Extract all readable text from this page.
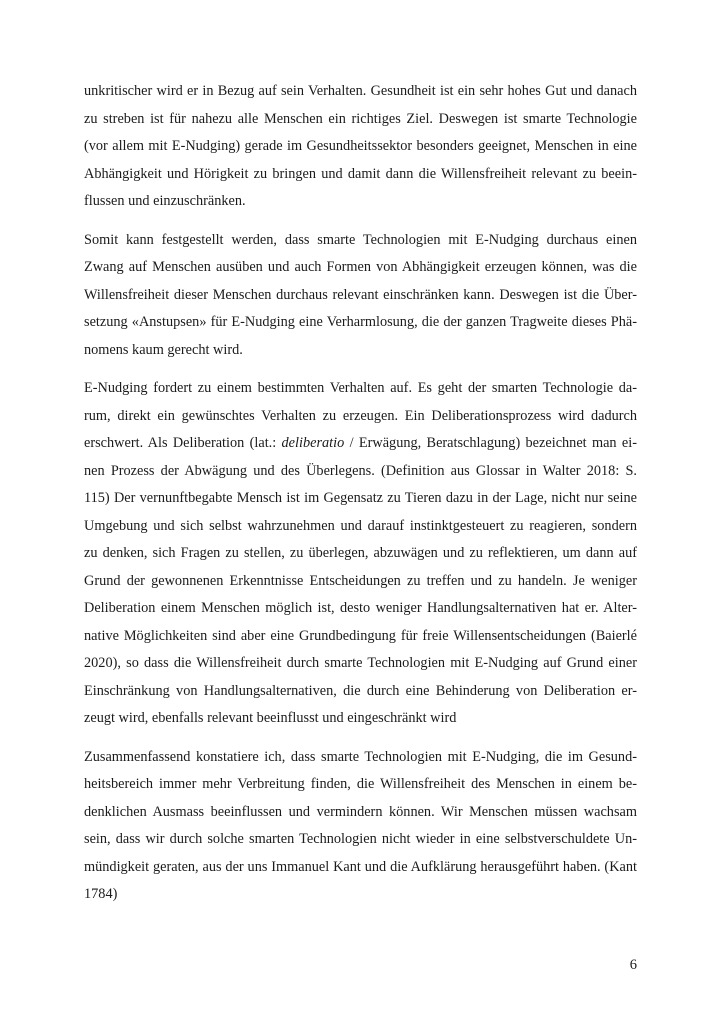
unkritischer wird er in Bezug auf sein Verhalten. Gesundheit ist ein sehr hohes Gut und danach
zu streben ist für nahezu alle Menschen ein richtiges Ziel. Deswegen ist smarte Technologie
(vor allem mit E-Nudging) gerade im Gesundheitssektor besonders geeignet, Menschen in eine
Abhängigkeit und Hörigkeit zu bringen und damit dann die Willensfreiheit relevant zu beein-
flussen und einzuschränken.
Somit kann festgestellt werden, dass smarte Technologien mit E-Nudging durchaus einen
Zwang auf Menschen ausüben und auch Formen von Abhängigkeit erzeugen können, was die
Willensfreiheit dieser Menschen durchaus relevant einschränken kann. Deswegen ist die Über-
setzung «Anstupsen» für E-Nudging eine Verharmlosung, die der ganzen Tragweite dieses Phä-
nomens kaum gerecht wird.
E-Nudging fordert zu einem bestimmten Verhalten auf. Es geht der smarten Technologie da-
rum, direkt ein gewünschtes Verhalten zu erzeugen. Ein Deliberationsprozess wird dadurch
erschwert. Als Deliberation (lat.: deliberatio / Erwägung, Beratschlagung) bezeichnet man ei-
nen Prozess der Abwägung und des Überlegens. (Definition aus Glossar in Walter 2018: S.
115) Der vernunftbegabte Mensch ist im Gegensatz zu Tieren dazu in der Lage, nicht nur seine
Umgebung und sich selbst wahrzunehmen und darauf instinktgesteuert zu reagieren, sondern
zu denken, sich Fragen zu stellen, zu überlegen, abzuwägen und zu reflektieren, um dann auf
Grund der gewonnenen Erkenntnisse Entscheidungen zu treffen und zu handeln. Je weniger
Deliberation einem Menschen möglich ist, desto weniger Handlungsalternativen hat er. Alter-
native Möglichkeiten sind aber eine Grundbedingung für freie Willensentscheidungen (Baierlé
2020), so dass die Willensfreiheit durch smarte Technologien mit E-Nudging auf Grund einer
Einschränkung von Handlungsalternativen, die durch eine Behinderung von Deliberation er-
zeugt wird, ebenfalls relevant beeinflusst und eingeschränkt wird
Zusammenfassend konstatiere ich, dass smarte Technologien mit E-Nudging, die im Gesund-
heitsbereich immer mehr Verbreitung finden, die Willensfreiheit des Menschen in einem be-
denklichen Ausmass beeinflussen und vermindern können. Wir Menschen müssen wachsam
sein, dass wir durch solche smarten Technologien nicht wieder in eine selbstverschuldete Un-
mündigkeit geraten, aus der uns Immanuel Kant und die Aufklärung herausgeführt haben. (Kant
1784)
6
